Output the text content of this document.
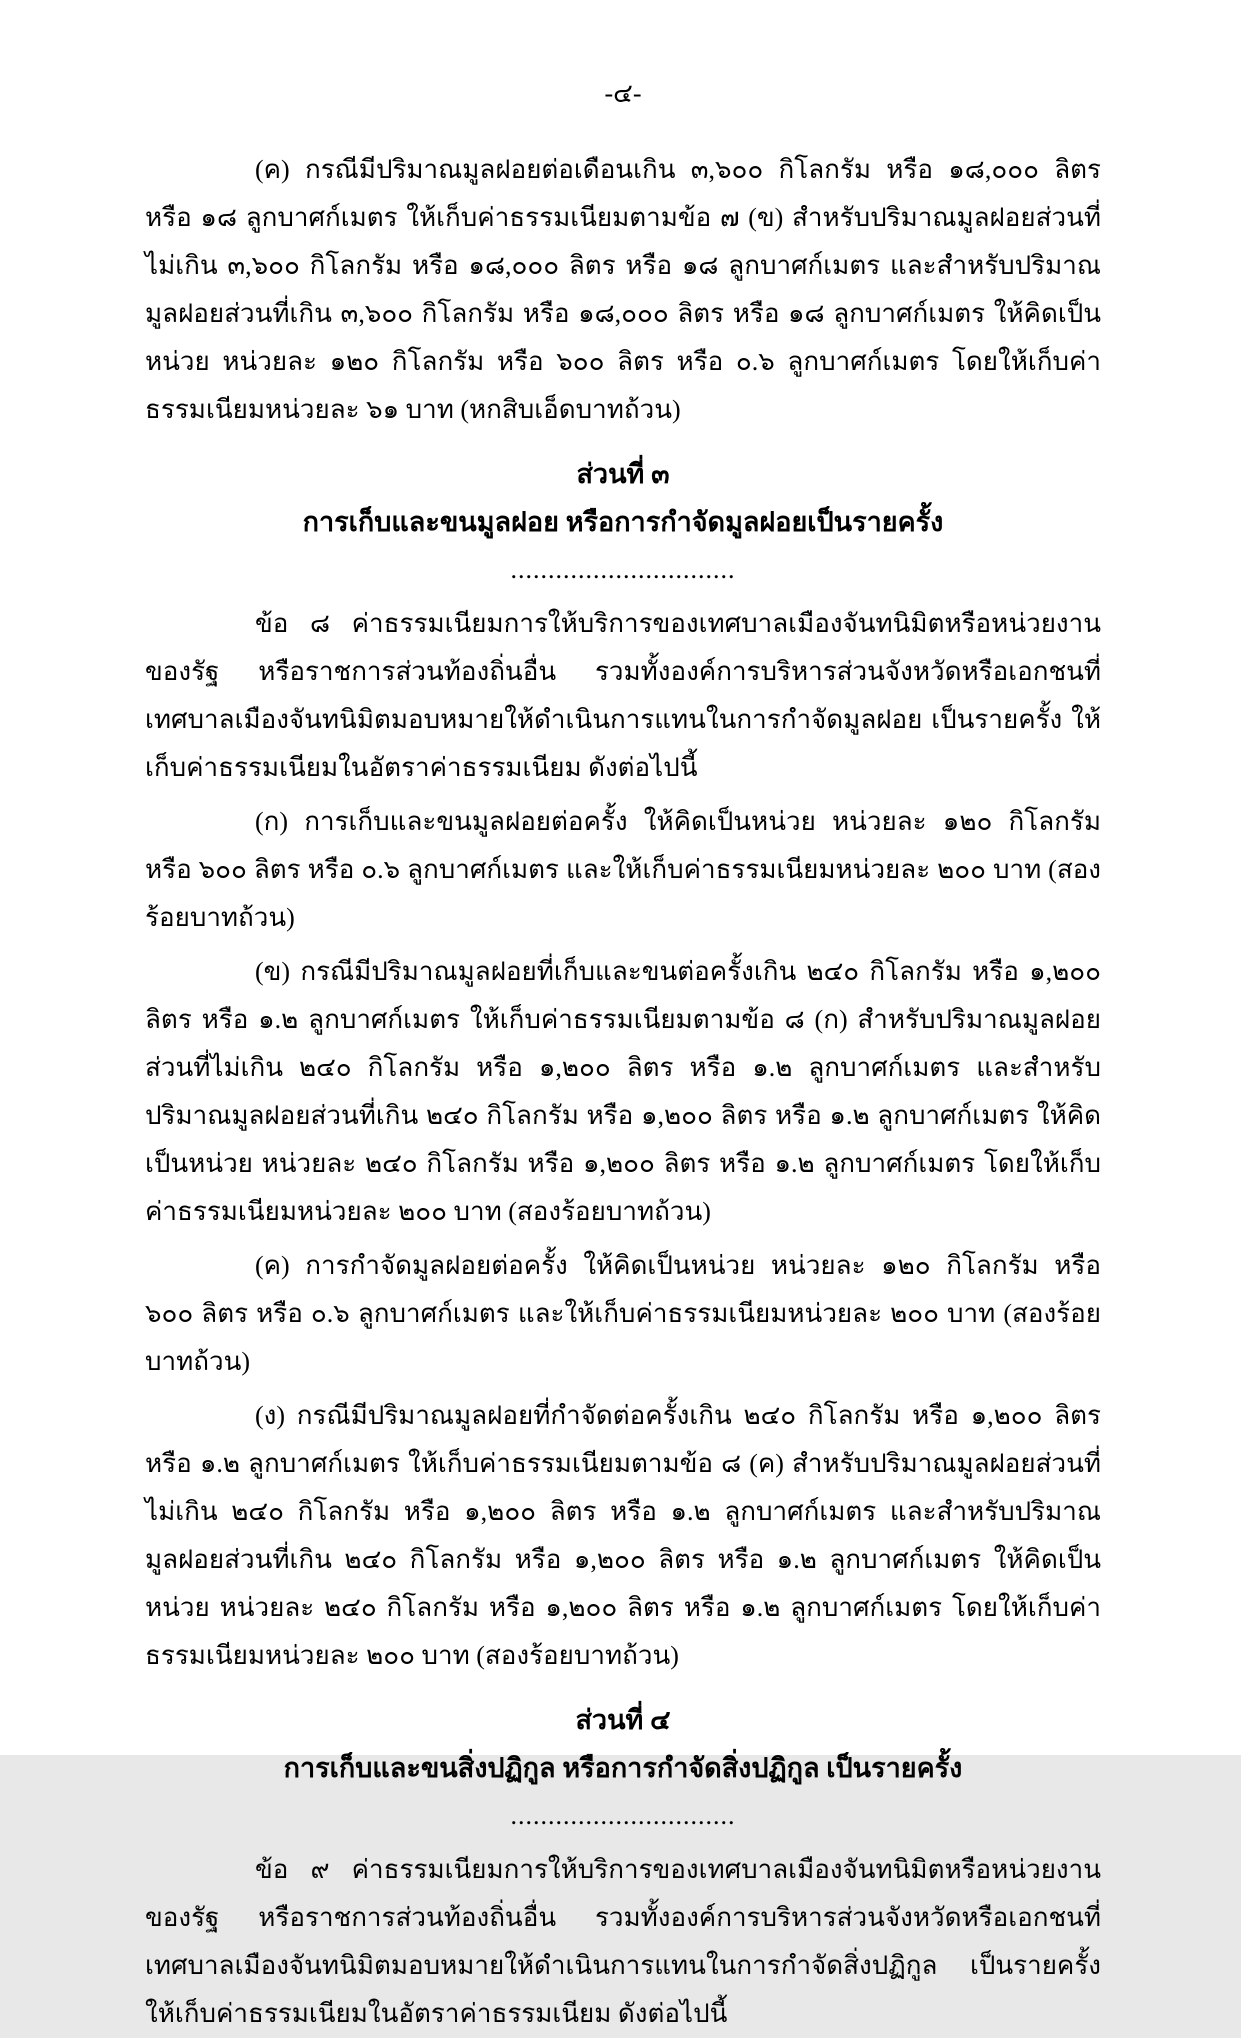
-๔-

(ค) กรณีมีปริมาณมูลฝอยต่อเดือนเกิน ๓,๖๐๐ กิโลกรัม หรือ ๑๘,๐๐๐ ลิตร หรือ ๑๘ ลูกบาศก์เมตร ให้เก็บค่าธรรมเนียมตามข้อ ๗ (ข) สำหรับปริมาณมูลฝอยส่วนที่ไม่เกิน ๓,๖๐๐ กิโลกรัม หรือ ๑๘,๐๐๐ ลิตร หรือ ๑๘ ลูกบาศก์เมตร และสำหรับปริมาณมูลฝอยส่วนที่เกิน ๓,๖๐๐ กิโลกรัม หรือ ๑๘,๐๐๐ ลิตร หรือ ๑๘ ลูกบาศก์เมตร ให้คิดเป็นหน่วย หน่วยละ ๑๒๐ กิโลกรัม หรือ ๖๐๐ ลิตร หรือ ๐.๖ ลูกบาศก์เมตร โดยให้เก็บค่าธรรมเนียมหน่วยละ ๖๑ บาท (หกสิบเอ็ดบาทถ้วน)

ส่วนที่ ๓
การเก็บและขนมูลฝอย หรือการกำจัดมูลฝอยเป็นรายครั้ง
..............................

ข้อ ๘ ค่าธรรมเนียมการให้บริการของเทศบาลเมืองจันทนิมิตหรือหน่วยงานของรัฐ หรือราชการส่วนท้องถิ่นอื่น รวมทั้งองค์การบริหารส่วนจังหวัดหรือเอกชนที่เทศบาลเมืองจันทนิมิตมอบหมายให้ดำเนินการแทนในการกำจัดมูลฝอย เป็นรายครั้ง ให้เก็บค่าธรรมเนียมในอัตราค่าธรรมเนียม ดังต่อไปนี้

(ก) การเก็บและขนมูลฝอยต่อครั้ง ให้คิดเป็นหน่วย หน่วยละ ๑๒๐ กิโลกรัม หรือ ๖๐๐ ลิตร หรือ ๐.๖ ลูกบาศก์เมตร และให้เก็บค่าธรรมเนียมหน่วยละ ๒๐๐ บาท (สองร้อยบาทถ้วน)

(ข) กรณีมีปริมาณมูลฝอยที่เก็บและขนต่อครั้งเกิน ๒๔๐ กิโลกรัม หรือ ๑,๒๐๐ ลิตร หรือ ๑.๒ ลูกบาศก์เมตร ให้เก็บค่าธรรมเนียมตามข้อ ๘ (ก) สำหรับปริมาณมูลฝอยส่วนที่ไม่เกิน ๒๔๐ กิโลกรัม หรือ ๑,๒๐๐ ลิตร หรือ ๑.๒ ลูกบาศก์เมตร และสำหรับปริมาณมูลฝอยส่วนที่เกิน ๒๔๐ กิโลกรัม หรือ ๑,๒๐๐ ลิตร หรือ ๑.๒ ลูกบาศก์เมตร ให้คิดเป็นหน่วย หน่วยละ ๒๔๐ กิโลกรัม หรือ ๑,๒๐๐ ลิตร หรือ ๑.๒ ลูกบาศก์เมตร โดยให้เก็บค่าธรรมเนียมหน่วยละ ๒๐๐ บาท (สองร้อยบาทถ้วน)

(ค) การกำจัดมูลฝอยต่อครั้ง ให้คิดเป็นหน่วย หน่วยละ ๑๒๐ กิโลกรัม หรือ ๖๐๐ ลิตร หรือ ๐.๖ ลูกบาศก์เมตร และให้เก็บค่าธรรมเนียมหน่วยละ ๒๐๐ บาท (สองร้อยบาทถ้วน)

(ง) กรณีมีปริมาณมูลฝอยที่กำจัดต่อครั้งเกิน ๒๔๐ กิโลกรัม หรือ ๑,๒๐๐ ลิตร หรือ ๑.๒ ลูกบาศก์เมตร ให้เก็บค่าธรรมเนียมตามข้อ ๘ (ค) สำหรับปริมาณมูลฝอยส่วนที่ไม่เกิน ๒๔๐ กิโลกรัม หรือ ๑,๒๐๐ ลิตร หรือ ๑.๒ ลูกบาศก์เมตร และสำหรับปริมาณมูลฝอยส่วนที่เกิน ๒๔๐ กิโลกรัม หรือ ๑,๒๐๐ ลิตร หรือ ๑.๒ ลูกบาศก์เมตร ให้คิดเป็นหน่วย หน่วยละ ๒๔๐ กิโลกรัม หรือ ๑,๒๐๐ ลิตร หรือ ๑.๒ ลูกบาศก์เมตร โดยให้เก็บค่าธรรมเนียมหน่วยละ ๒๐๐ บาท (สองร้อยบาทถ้วน)

ส่วนที่ ๔
การเก็บและขนสิ่งปฏิกูล หรือการกำจัดสิ่งปฏิกูล เป็นรายครั้ง
..............................

ข้อ ๙ ค่าธรรมเนียมการให้บริการของเทศบาลเมืองจันทนิมิตหรือหน่วยงานของรัฐ หรือราชการส่วนท้องถิ่นอื่น รวมทั้งองค์การบริหารส่วนจังหวัดหรือเอกชนที่เทศบาลเมืองจันทนิมิตมอบหมายให้ดำเนินการแทนในการกำจัดสิ่งปฏิกูล เป็นรายครั้ง ให้เก็บค่าธรรมเนียมในอัตราค่าธรรมเนียม ดังต่อไปนี้
